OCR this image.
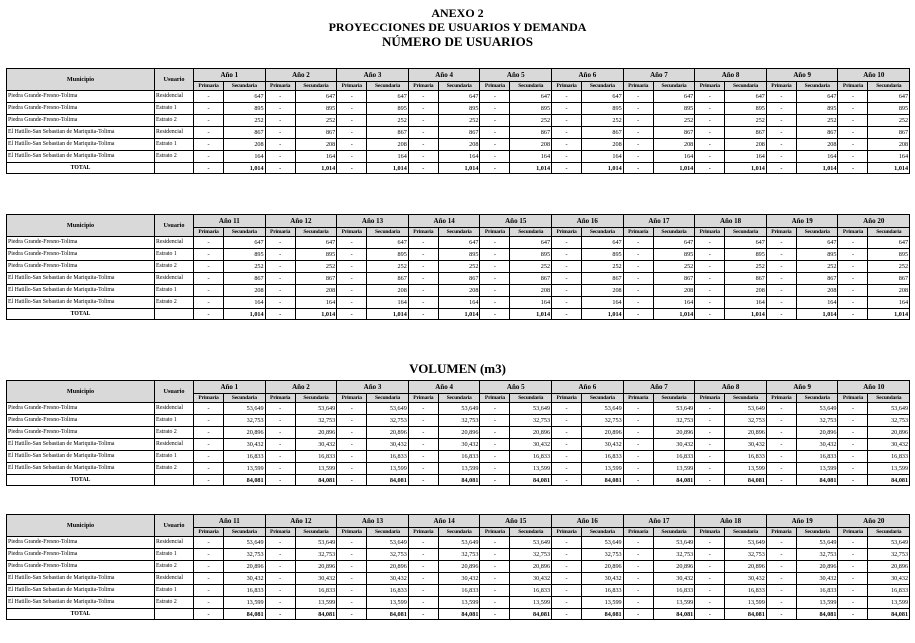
ANEXO 2
PROYECCIONES DE USUARIOS Y DEMANDA
NÚMERO DE USUARIOS
Municipio	Usuario	Año 1		Año 2		Año 3		Año 4		Año 5		Año 6		Año 7		Año 8		Año 9		Año 10	
		Primaria	Secundaria	Primaria	Secundaria	Primaria	Secundaria	Primaria	Secundaria	Primaria	Secundaria	Primaria	Secundaria	Primaria	Secundaria	Primaria	Secundaria	Primaria	Secundaria	Primaria	Secundaria
Piedra Grande-Fresno-Tolima	Residencial	-	647	-	647	-	647	-	647	-	647	-	647	-	647	-	647	-	647	-	647
Piedra Grande-Fresno-Tolima	Estrato 1	-	895	-	895	-	895	-	895	-	895	-	895	-	895	-	895	-	895	-	895
Piedra Grande-Fresno-Tolima	Estrato 2	-	252	-	252	-	252	-	252	-	252	-	252	-	252	-	252	-	252	-	252
El Hatillo-San Sebastian de Mariquita-Tolima	Residencial	-	867	-	867	-	867	-	867	-	867	-	867	-	867	-	867	-	867	-	867
El Hatillo-San Sebastian de Mariquita-Tolima	Estrato 1	-	208	-	208	-	208	-	208	-	208	-	208	-	208	-	208	-	208	-	208
El Hatillo-San Sebastian de Mariquita-Tolima	Estrato 2	-	164	-	164	-	164	-	164	-	164	-	164	-	164	-	164	-	164	-	164
TOTAL		-	1,014	-	1,014	-	1,014	-	1,014	-	1,014	-	1,014	-	1,014	-	1,014	-	1,014	-	1,014
Municipio	Usuario	Año 11		Año 12		Año 13		Año 14		Año 15		Año 16		Año 17		Año 18		Año 19		Año 20	
		Primaria	Secundaria	Primaria	Secundaria	Primaria	Secundaria	Primaria	Secundaria	Primaria	Secundaria	Primaria	Secundaria	Primaria	Secundaria	Primaria	Secundaria	Primaria	Secundaria	Primaria	Secundaria
Piedra Grande-Fresno-Tolima	Residencial	-	647	-	647	-	647	-	647	-	647	-	647	-	647	-	647	-	647	-	647
Piedra Grande-Fresno-Tolima	Estrato 1	-	895	-	895	-	895	-	895	-	895	-	895	-	895	-	895	-	895	-	895
Piedra Grande-Fresno-Tolima	Estrato 2	-	252	-	252	-	252	-	252	-	252	-	252	-	252	-	252	-	252	-	252
El Hatillo-San Sebastian de Mariquita-Tolima	Residencial	-	867	-	867	-	867	-	867	-	867	-	867	-	867	-	867	-	867	-	867
El Hatillo-San Sebastian de Mariquita-Tolima	Estrato 1	-	208	-	208	-	208	-	208	-	208	-	208	-	208	-	208	-	208	-	208
El Hatillo-San Sebastian de Mariquita-Tolima	Estrato 2	-	164	-	164	-	164	-	164	-	164	-	164	-	164	-	164	-	164	-	164
TOTAL		-	1,014	-	1,014	-	1,014	-	1,014	-	1,014	-	1,014	-	1,014	-	1,014	-	1,014	-	1,014
VOLUMEN (m3)
Municipio	Usuario	Año 1		Año 2		Año 3		Año 4		Año 5		Año 6		Año 7		Año 8		Año 9		Año 10	
		Primaria	Secundaria	Primaria	Secundaria	Primaria	Secundaria	Primaria	Secundaria	Primaria	Secundaria	Primaria	Secundaria	Primaria	Secundaria	Primaria	Secundaria	Primaria	Secundaria	Primaria	Secundaria
Piedra Grande-Fresno-Tolima	Residencial	-	53,649	-	53,649	-	53,649	-	53,649	-	53,649	-	53,649	-	53,649	-	53,649	-	53,649	-	53,649
Piedra Grande-Fresno-Tolima	Estrato 1	-	32,753	-	32,753	-	32,753	-	32,753	-	32,753	-	32,753	-	32,753	-	32,753	-	32,753	-	32,753
Piedra Grande-Fresno-Tolima	Estrato 2	-	20,896	-	20,896	-	20,896	-	20,896	-	20,896	-	20,896	-	20,896	-	20,896	-	20,896	-	20,896
El Hatillo-San Sebastian de Mariquita-Tolima	Residencial	-	30,432	-	30,432	-	30,432	-	30,432	-	30,432	-	30,432	-	30,432	-	30,432	-	30,432	-	30,432
El Hatillo-San Sebastian de Mariquita-Tolima	Estrato 1	-	16,833	-	16,833	-	16,833	-	16,833	-	16,833	-	16,833	-	16,833	-	16,833	-	16,833	-	16,833
El Hatillo-San Sebastian de Mariquita-Tolima	Estrato 2	-	13,599	-	13,599	-	13,599	-	13,599	-	13,599	-	13,599	-	13,599	-	13,599	-	13,599	-	13,599
TOTAL		-	84,081	-	84,081	-	84,081	-	84,081	-	84,081	-	84,081	-	84,081	-	84,081	-	84,081	-	84,081
Municipio	Usuario	Año 11		Año 12		Año 13		Año 14		Año 15		Año 16		Año 17		Año 18		Año 19		Año 20	
		Primaria	Secundaria	Primaria	Secundaria	Primaria	Secundaria	Primaria	Secundaria	Primaria	Secundaria	Primaria	Secundaria	Primaria	Secundaria	Primaria	Secundaria	Primaria	Secundaria	Primaria	Secundaria
Piedra Grande-Fresno-Tolima	Residencial	-	53,649	-	53,649	-	53,649	-	53,649	-	53,649	-	53,649	-	53,649	-	53,649	-	53,649	-	53,649
Piedra Grande-Fresno-Tolima	Estrato 1	-	32,753	-	32,753	-	32,753	-	32,753	-	32,753	-	32,753	-	32,753	-	32,753	-	32,753	-	32,753
Piedra Grande-Fresno-Tolima	Estrato 2	-	20,896	-	20,896	-	20,896	-	20,896	-	20,896	-	20,896	-	20,896	-	20,896	-	20,896	-	20,896
El Hatillo-San Sebastian de Mariquita-Tolima	Residencial	-	30,432	-	30,432	-	30,432	-	30,432	-	30,432	-	30,432	-	30,432	-	30,432	-	30,432	-	30,432
El Hatillo-San Sebastian de Mariquita-Tolima	Estrato 1	-	16,833	-	16,833	-	16,833	-	16,833	-	16,833	-	16,833	-	16,833	-	16,833	-	16,833	-	16,833
El Hatillo-San Sebastian de Mariquita-Tolima	Estrato 2	-	13,599	-	13,599	-	13,599	-	13,599	-	13,599	-	13,599	-	13,599	-	13,599	-	13,599	-	13,599
TOTAL		-	84,081	-	84,081	-	84,081	-	84,081	-	84,081	-	84,081	-	84,081	-	84,081	-	84,081	-	84,081
